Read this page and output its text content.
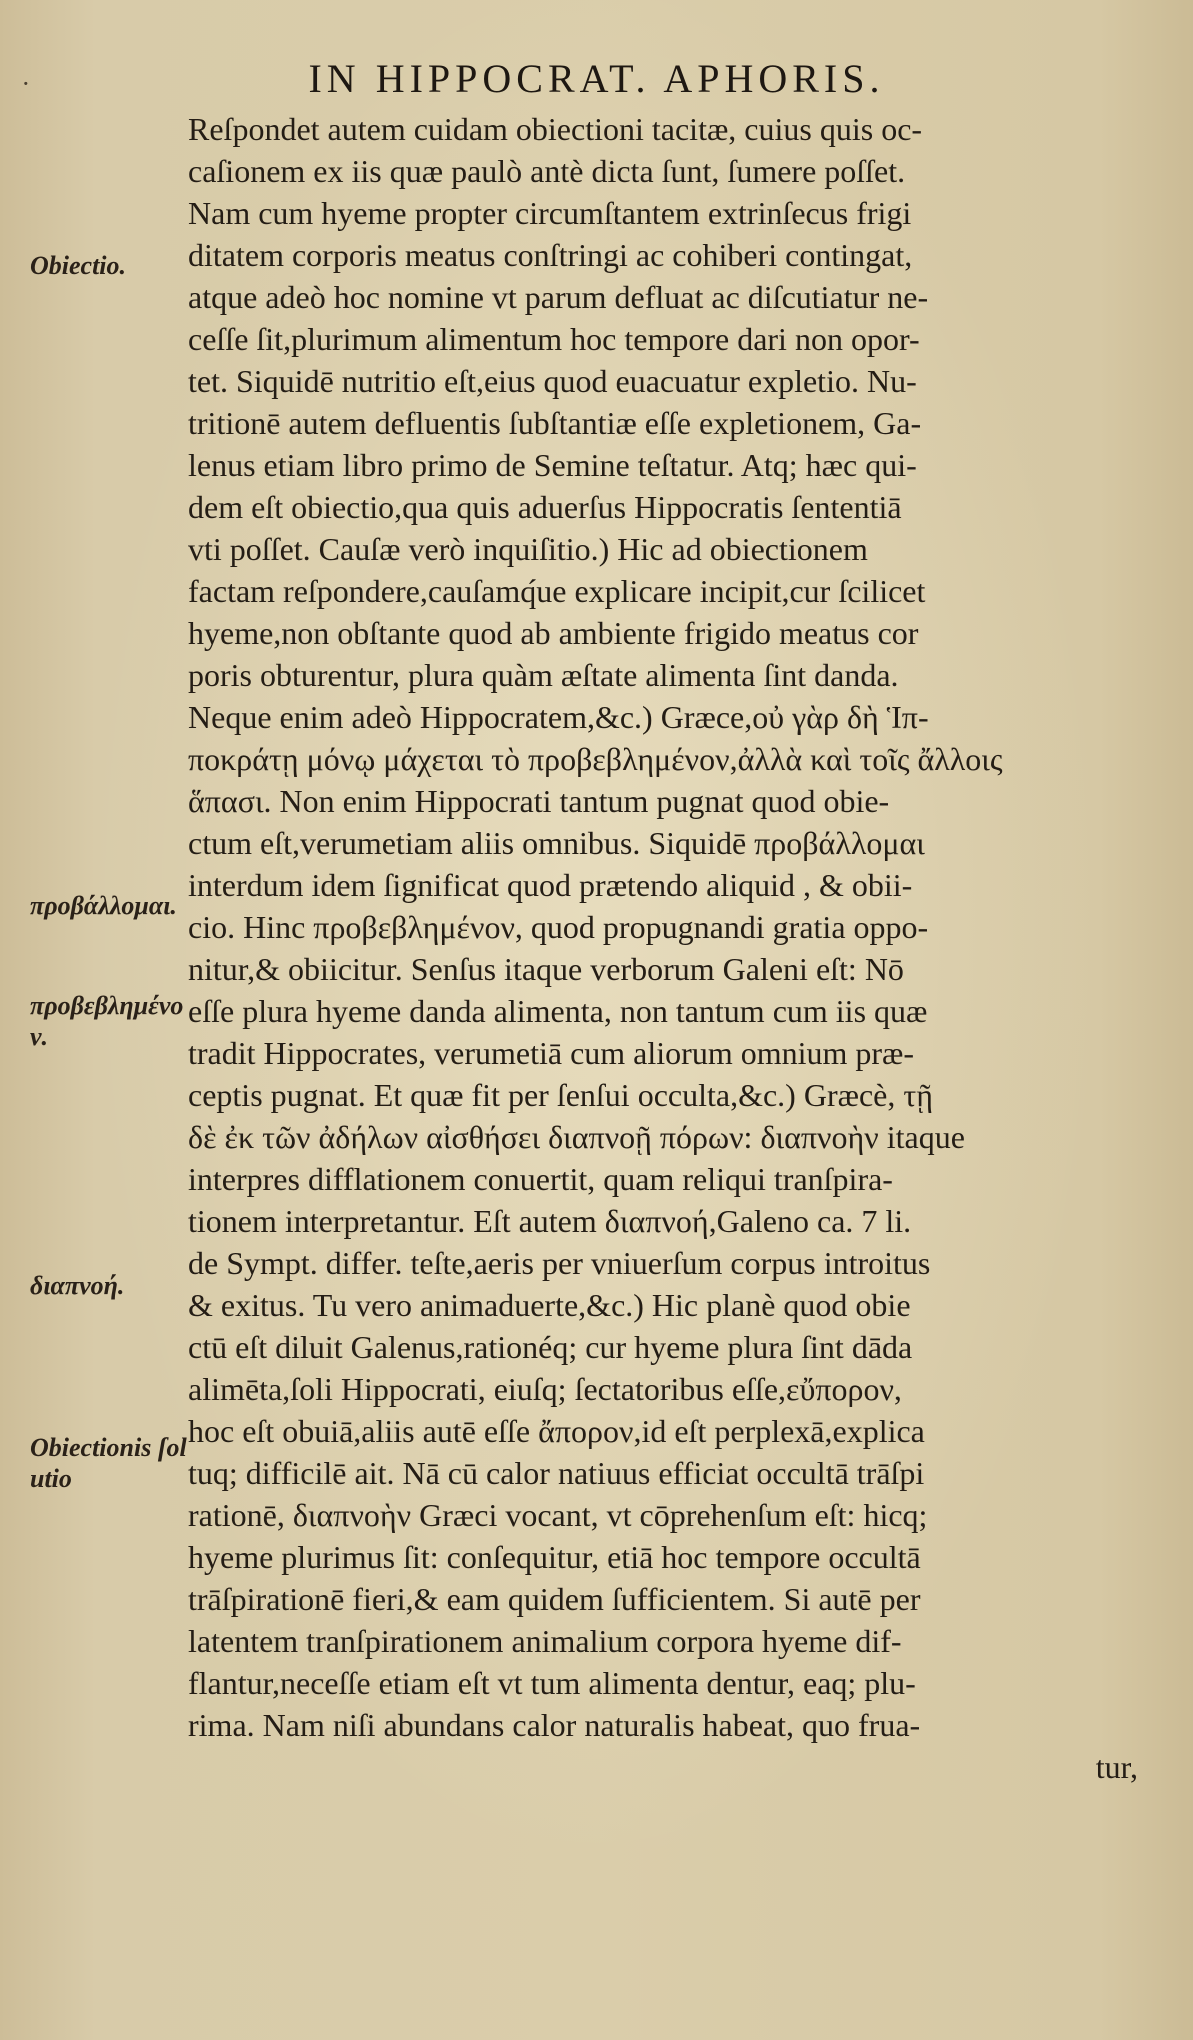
IN HIPPOCRAT. APHORIS.
·
Reſpondet autem cuidam obiectioni tacitæ, cuius quis oc-
caſionem ex iis quæ paulò antè dicta ſunt, ſumere poſſet.
Nam cum hyeme propter circumſtantem extrinſecus frigi
ditatem corporis meatus conſtringi ac cohiberi contingat,
atque adeò hoc nomine vt parum defluat ac diſcutiatur ne-
ceſſe ſit,plurimum alimentum hoc tempore dari non opor-
tet. Siquidē nutritio eſt,eius quod euacuatur expletio. Nu-
tritionē autem defluentis ſubſtantiæ eſſe expletionem, Ga-
lenus etiam libro primo de Semine teſtatur. Atq; hæc qui-
dem eſt obiectio,qua quis aduerſus Hippocratis ſententiā
vti poſſet. Cauſæ verò inquiſitio.) Hic ad obiectionem
factam reſpondere,cauſamq́ue explicare incipit,cur ſcilicet
hyeme,non obſtante quod ab ambiente frigido meatus cor
poris obturentur, plura quàm æſtate alimenta ſint danda.
Neque enim adeò Hippocratem,&c.) Græce,οὐ γὰρ δὴ Ἱπ-
ποκράτῃ μόνῳ μάχεται τὸ προβεβλημένον,ἀλλὰ καὶ τοῖς ἄλλοις
ἅπασι. Non enim Hippocrati tantum pugnat quod obie-
ctum eſt,verumetiam aliis omnibus. Siquidē προβάλλομαι
interdum idem ſignificat quod prætendo aliquid , & obii-
cio. Hinc προβεβλημένον, quod propugnandi gratia oppo-
nitur,& obiicitur. Senſus itaque verborum Galeni eſt: Nō
eſſe plura hyeme danda alimenta, non tantum cum iis quæ
tradit Hippocrates, verumetiā cum aliorum omnium præ-
ceptis pugnat. Et quæ fit per ſenſui occulta,&c.) Græcè, τῇ
δὲ ἐκ τῶν ἀδήλων αἰσθήσει διαπνοῇ πόρων: διαπνοὴν itaque
interpres difflationem conuertit, quam reliqui tranſpira-
tionem interpretantur. Eſt autem διαπνοή,Galeno ca. 7 li.
de Sympt. differ. teſte,aeris per vniuerſum corpus introitus
& exitus. Tu vero animaduerte,&c.) Hic planè quod obie
ctū eſt diluit Galenus,rationéq; cur hyeme plura ſint dāda
alimēta,ſoli Hippocrati, eiuſq; ſectatoribus eſſe,εὔπορον,
hoc eſt obuiā,aliis autē eſſe ἄπορον,id eſt perplexā,explica
tuq; difficilē ait. Nā cū calor natiuus efficiat occultā trāſpi
rationē, διαπνοὴν Græci vocant, vt cōprehenſum eſt: hicq;
hyeme plurimus ſit: conſequitur, etiā hoc tempore occultā
trāſpirationē fieri,& eam quidem ſufficientem. Si autē per
latentem tranſpirationem animalium corpora hyeme dif-
flantur,neceſſe etiam eſt vt tum alimenta dentur, eaq; plu-
rima. Nam niſi abundans calor naturalis habeat, quo frua-
tur,
Obiectio.
προβάλλομαι.
προβεβλημένον.
διαπνοή.
Obiectionis ſolutio
